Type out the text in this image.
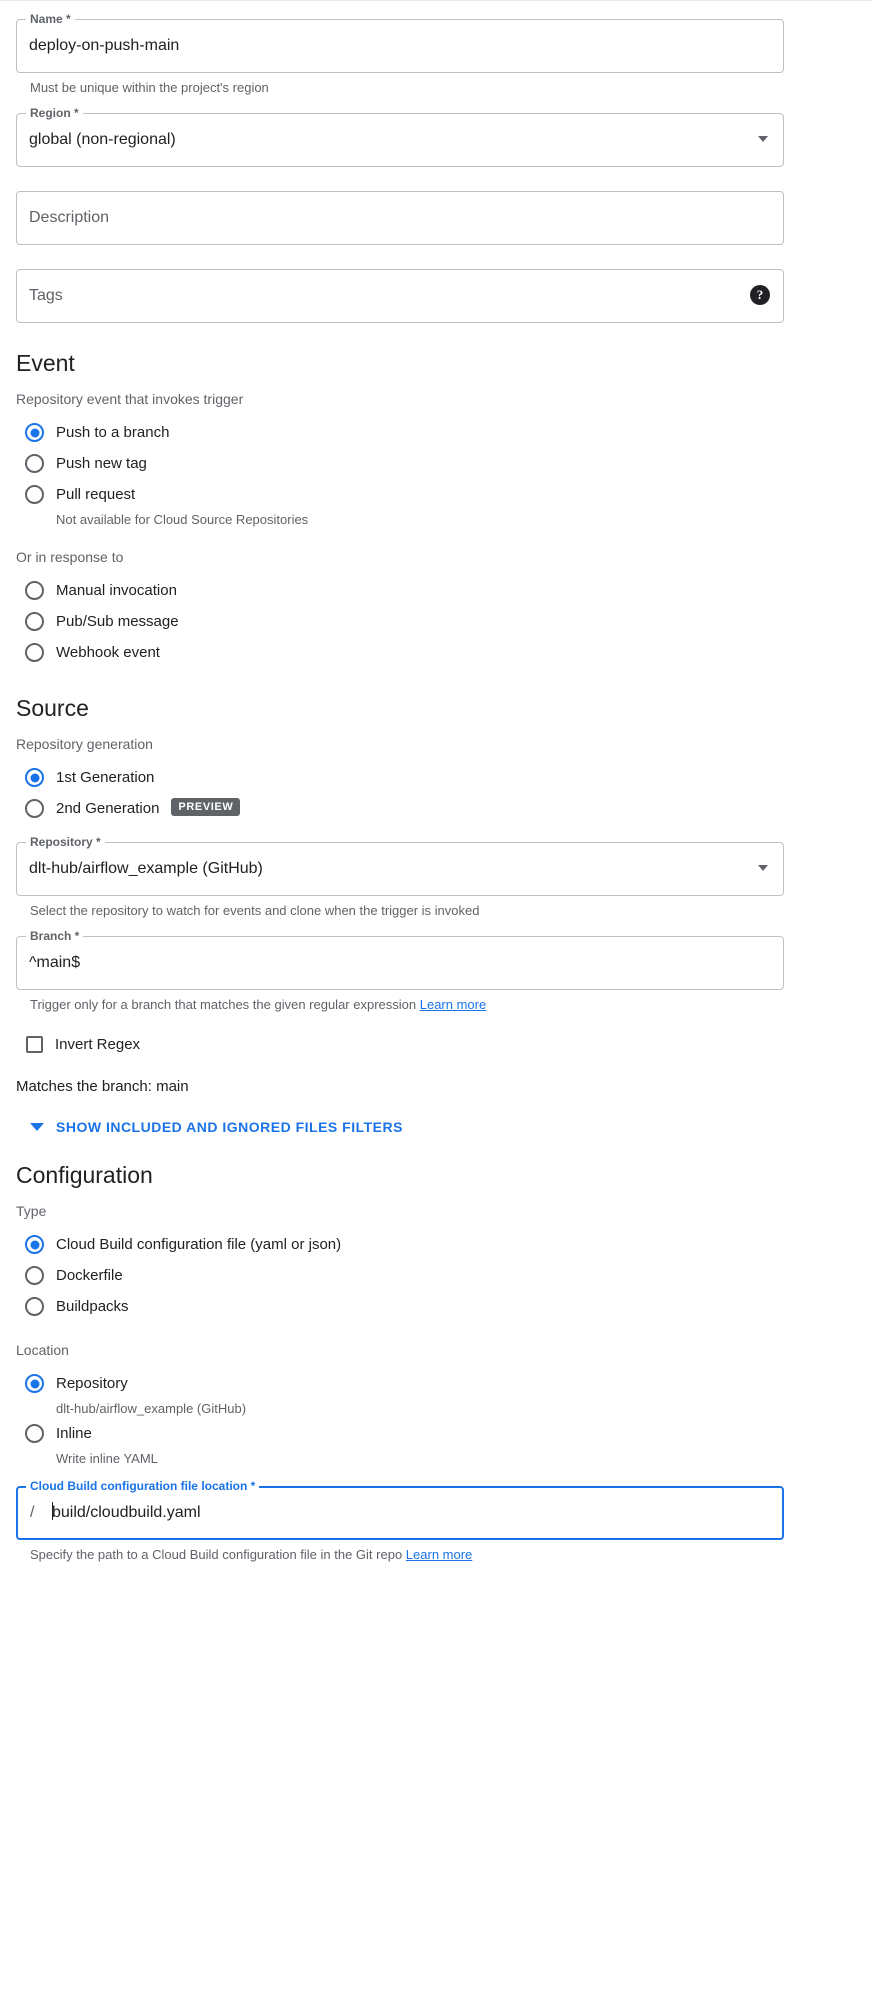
Name *
deploy-on-push-main
Must be unique within the project's region
Region *
global (non-regional)
Description
Tags	?
Event
Repository event that invokes trigger
Push to a branch
Push new tag
Pull request
Not available for Cloud Source Repositories
Or in response to
Manual invocation
Pub/Sub message
Webhook event
Source
Repository generation
1st Generation
2nd Generation	PREVIEW
Repository *
dlt-hub/airflow_example (GitHub)
Select the repository to watch for events and clone when the trigger is invoked
Branch *
^main$
Trigger only for a branch that matches the given regular expression Learn more
Invert Regex
Matches the branch: main
SHOW INCLUDED AND IGNORED FILES FILTERS
Configuration
Type
Cloud Build configuration file (yaml or json)
Dockerfile
Buildpacks
Location
Repository
dlt-hub/airflow_example (GitHub)
Inline
Write inline YAML
Cloud Build configuration file location *
/ build/cloudbuild.yaml
Specify the path to a Cloud Build configuration file in the Git repo Learn more
